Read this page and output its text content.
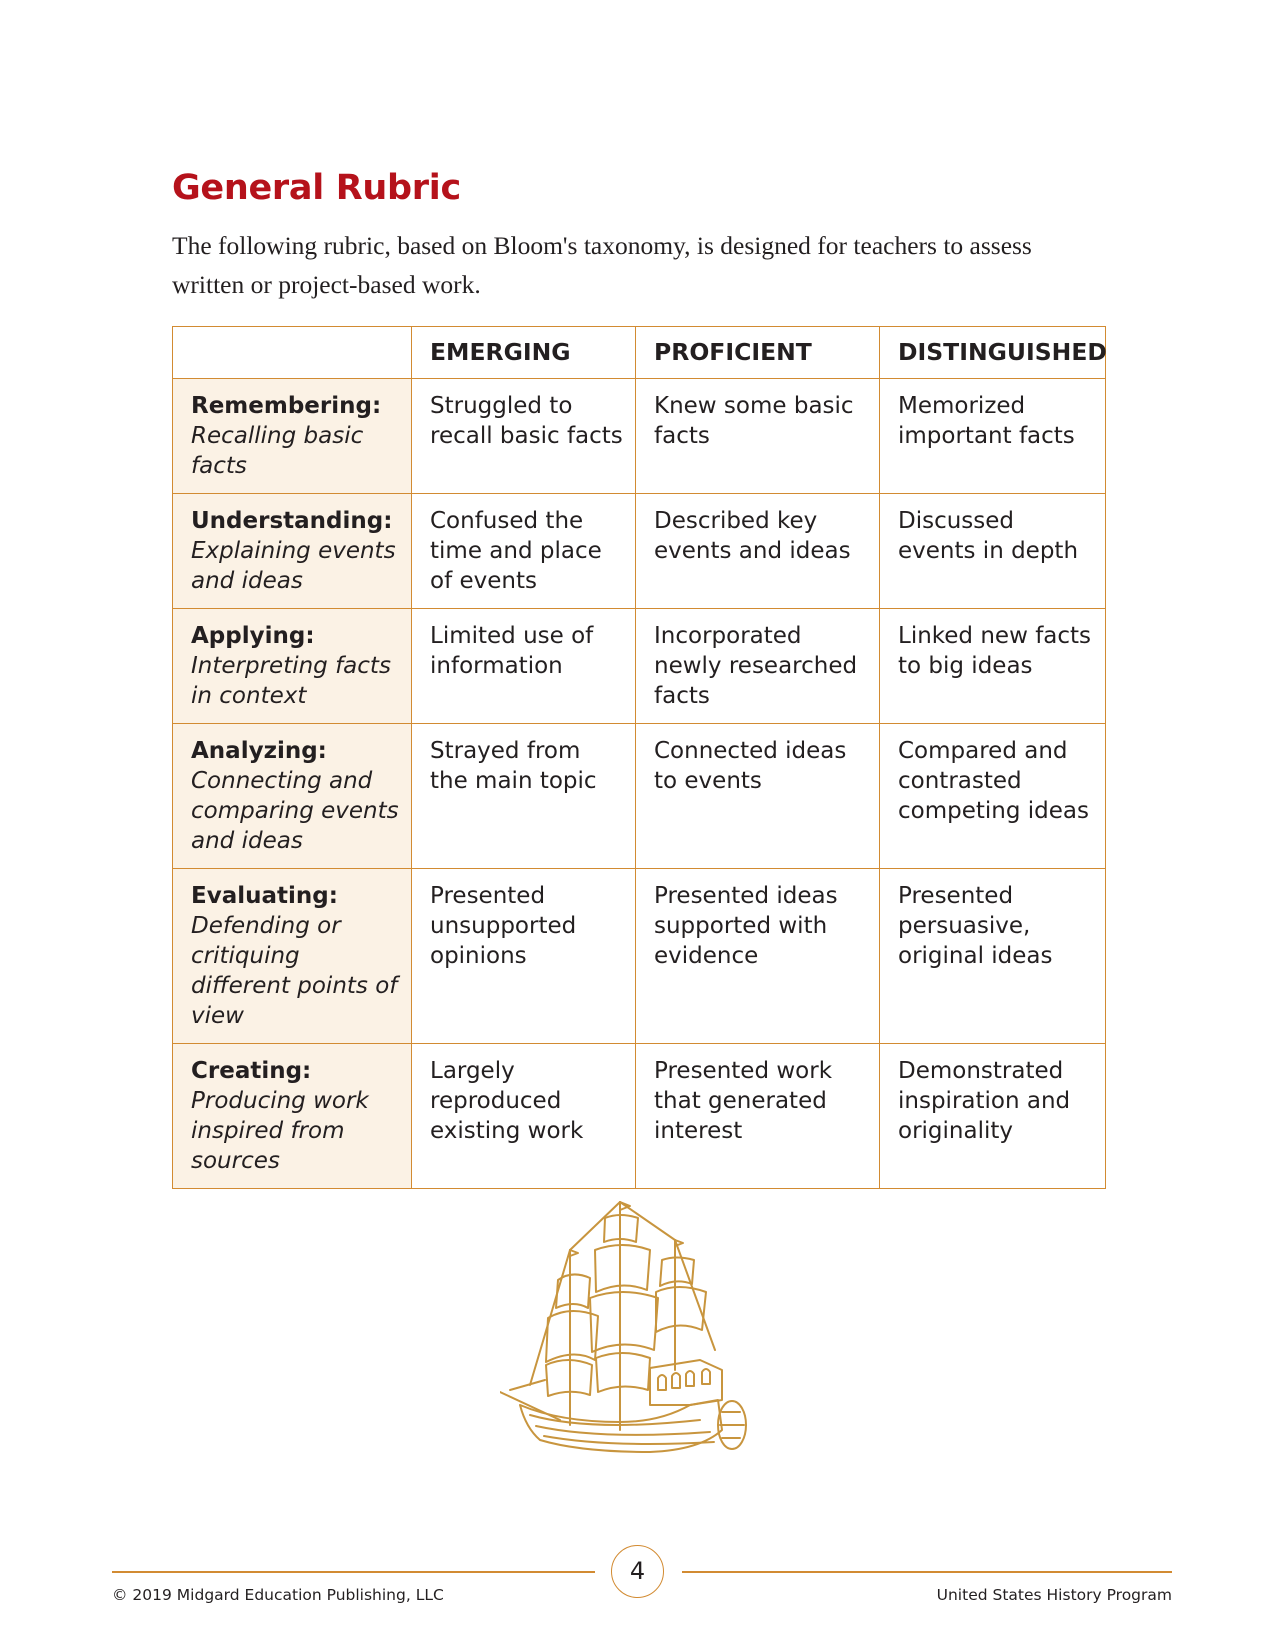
General Rubric

The following rubric, based on Bloom's taxonomy, is designed for teachers to assess written or project-based work.

	EMERGING	PROFICIENT	DISTINGUISHED

Remembering:
Recalling basic facts	Struggled to recall basic facts	Knew some basic facts	Memorized important facts

Understanding:
Explaining events and ideas	Confused the time and place of events	Described key events and ideas	Discussed events in depth

Applying:
Interpreting facts in context	Limited use of information	Incorporated newly researched facts	Linked new facts to big ideas

Analyzing:
Connecting and comparing events and ideas	Strayed from the main topic	Connected ideas to events	Compared and contrasted competing ideas

Evaluating:
Defending or critiquing different points of view	Presented unsupported opinions	Presented ideas supported with evidence	Presented persuasive, original ideas

Creating:
Producing work inspired from sources	Largely reproduced existing work	Presented work that generated interest	Demonstrated inspiration and originality
4
© 2019 Midgard Education Publishing, LLC	United States History Program
